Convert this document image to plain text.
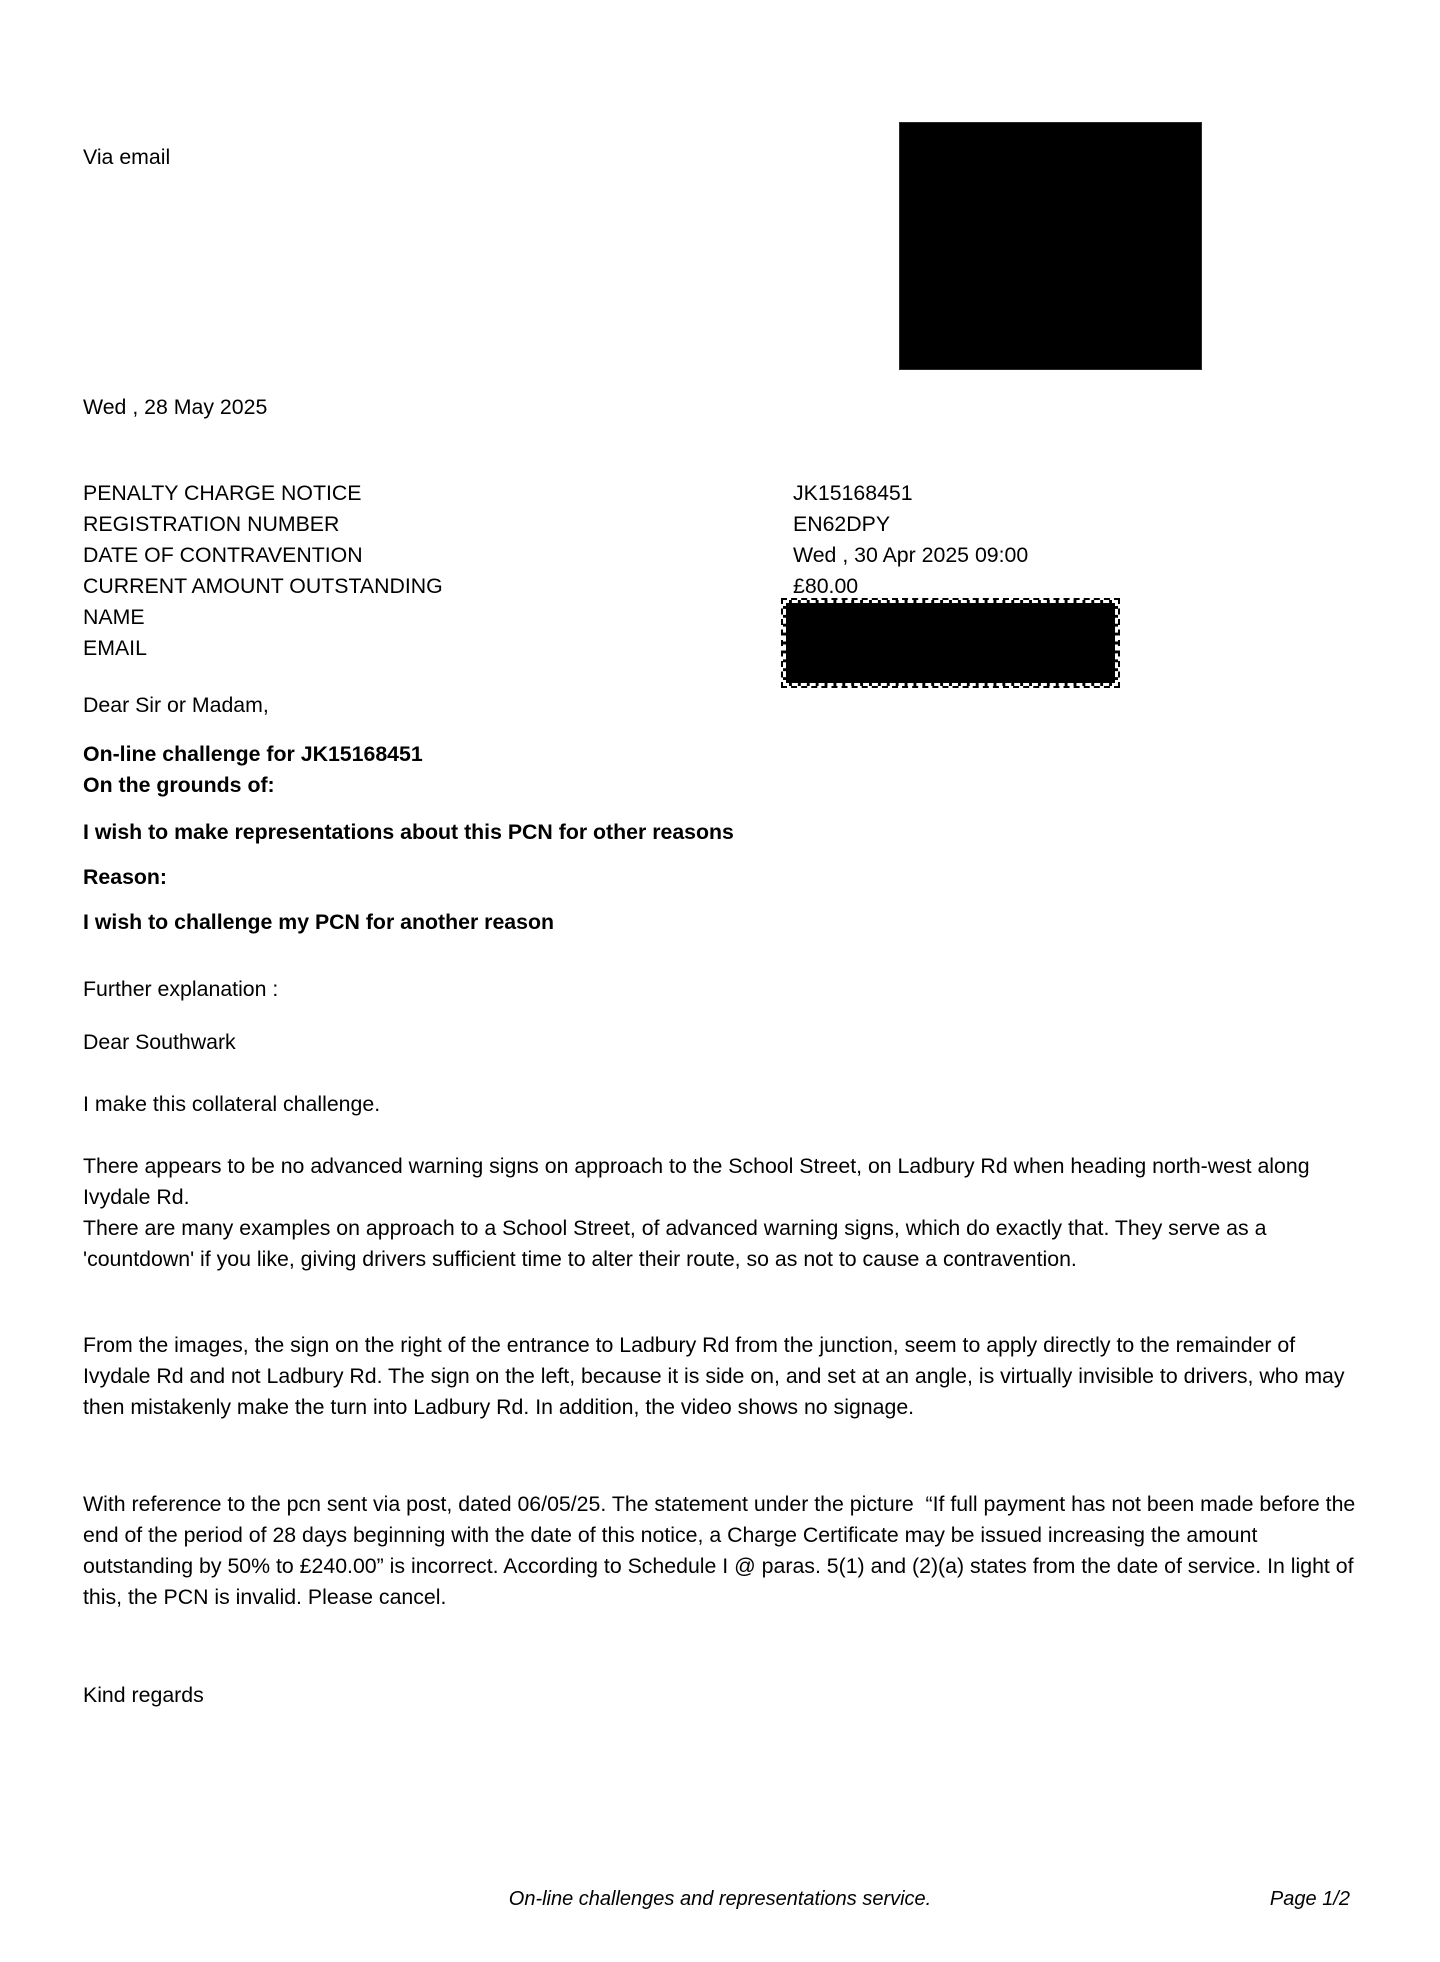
Via email
Wed , 28 May 2025
PENALTY CHARGE NOTICE	JK15168451
REGISTRATION NUMBER	EN62DPY
DATE OF CONTRAVENTION	Wed , 30 Apr 2025 09:00
CURRENT AMOUNT OUTSTANDING	£80.00
NAME
EMAIL
Dear Sir or Madam,
On-line challenge for JK15168451
On the grounds of:
I wish to make representations about this PCN for other reasons
Reason:
I wish to challenge my PCN for another reason
Further explanation :
Dear Southwark
I make this collateral challenge.
There appears to be no advanced warning signs on approach to the School Street, on Ladbury Rd when heading north-west along Ivydale Rd.
There are many examples on approach to a School Street, of advanced warning signs, which do exactly that. They serve as a 'countdown' if you like, giving drivers sufficient time to alter their route, so as not to cause a contravention.
From the images, the sign on the right of the entrance to Ladbury Rd from the junction, seem to apply directly to the remainder of Ivydale Rd and not Ladbury Rd. The sign on the left, because it is side on, and set at an angle, is virtually invisible to drivers, who may then mistakenly make the turn into Ladbury Rd. In addition, the video shows no signage.
With reference to the pcn sent via post, dated 06/05/25. The statement under the picture  “If full payment has not been made before the end of the period of 28 days beginning with the date of this notice, a Charge Certificate may be issued increasing the amount outstanding by 50% to £240.00” is incorrect. According to Schedule I @ paras. 5(1) and (2)(a) states from the date of service. In light of this, the PCN is invalid. Please cancel.
Kind regards
On-line challenges and representations service.	Page 1/2
